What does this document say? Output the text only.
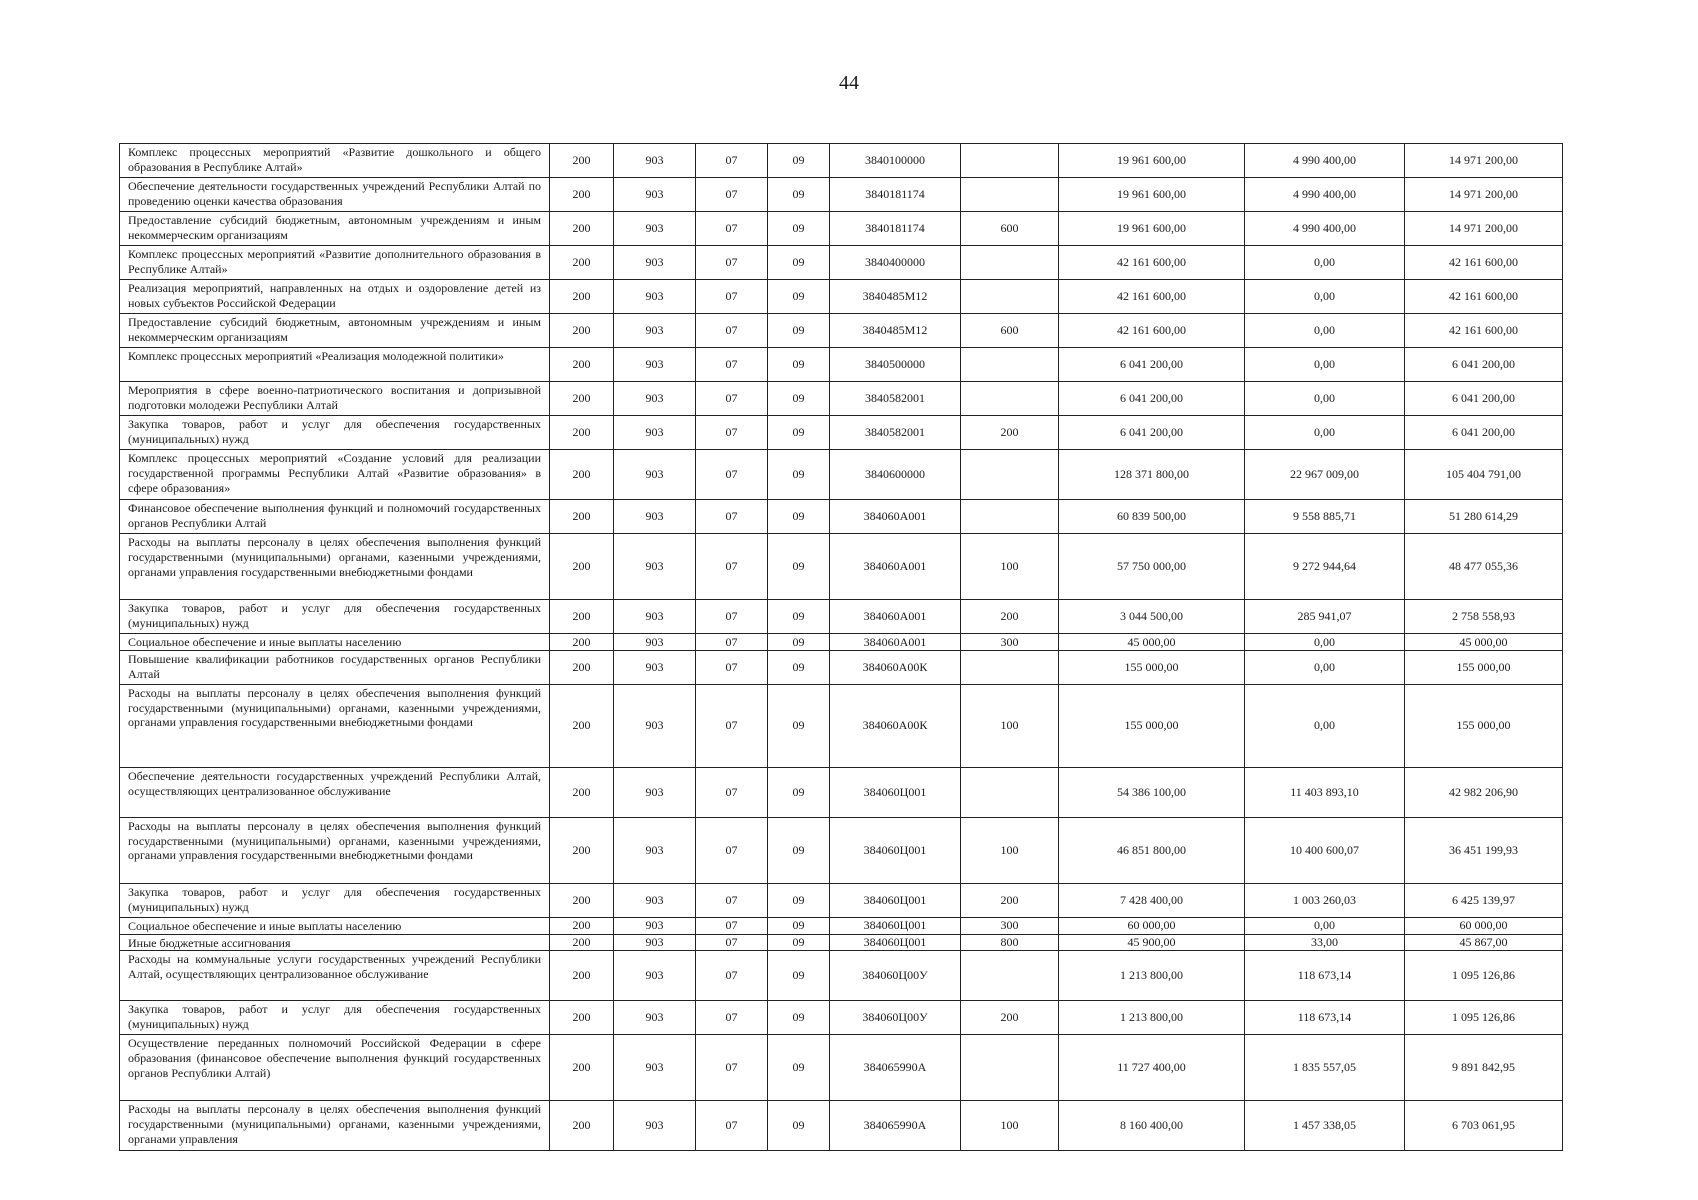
44
Комплекс процессных мероприятий «Развитие дошкольного и общего образования в Республике Алтай»	200	903	07	09	3840100000		19 961 600,00	4 990 400,00	14 971 200,00
Обеспечение деятельности государственных учреждений Республики Алтай по проведению оценки качества образования	200	903	07	09	3840181174		19 961 600,00	4 990 400,00	14 971 200,00
Предоставление субсидий бюджетным, автономным учреждениям и иным некоммерческим организациям	200	903	07	09	3840181174	600	19 961 600,00	4 990 400,00	14 971 200,00
Комплекс процессных мероприятий «Развитие дополнительного образования в Республике Алтай»	200	903	07	09	3840400000		42 161 600,00	0,00	42 161 600,00
Реализация мероприятий, направленных на отдых и оздоровление детей из новых субъектов Российской Федерации	200	903	07	09	3840485M12		42 161 600,00	0,00	42 161 600,00
Предоставление субсидий бюджетным, автономным учреждениям и иным некоммерческим организациям	200	903	07	09	3840485M12	600	42 161 600,00	0,00	42 161 600,00
Комплекс процессных мероприятий «Реализация молодежной политики»	200	903	07	09	3840500000		6 041 200,00	0,00	6 041 200,00
Мероприятия в сфере военно-патриотического воспитания и допризывной подготовки молодежи Республики Алтай	200	903	07	09	3840582001		6 041 200,00	0,00	6 041 200,00
Закупка товаров, работ и услуг для обеспечения государственных (муниципальных) нужд	200	903	07	09	3840582001	200	6 041 200,00	0,00	6 041 200,00
Комплекс процессных мероприятий «Создание условий для реализации государственной программы Республики Алтай «Развитие образования» в сфере образования»	200	903	07	09	3840600000		128 371 800,00	22 967 009,00	105 404 791,00
Финансовое обеспечение выполнения функций и полномочий государственных органов Республики Алтай	200	903	07	09	384060А001		60 839 500,00	9 558 885,71	51 280 614,29
Расходы на выплаты персоналу в целях обеспечения выполнения функций государственными (муниципальными) органами, казенными учреждениями, органами управления государственными внебюджетными фондами	200	903	07	09	384060А001	100	57 750 000,00	9 272 944,64	48 477 055,36
Закупка товаров, работ и услуг для обеспечения государственных (муниципальных) нужд	200	903	07	09	384060А001	200	3 044 500,00	285 941,07	2 758 558,93
Социальное обеспечение и иные выплаты населению	200	903	07	09	384060А001	300	45 000,00	0,00	45 000,00
Повышение квалификации работников государственных органов Республики Алтай	200	903	07	09	384060А00К		155 000,00	0,00	155 000,00
Расходы на выплаты персоналу в целях обеспечения выполнения функций государственными (муниципальными) органами, казенными учреждениями, органами управления государственными внебюджетными фондами	200	903	07	09	384060А00К	100	155 000,00	0,00	155 000,00
Обеспечение деятельности государственных учреждений Республики Алтай, осуществляющих централизованное обслуживание	200	903	07	09	384060Ц001		54 386 100,00	11 403 893,10	42 982 206,90
Расходы на выплаты персоналу в целях обеспечения выполнения функций государственными (муниципальными) органами, казенными учреждениями, органами управления государственными внебюджетными фондами	200	903	07	09	384060Ц001	100	46 851 800,00	10 400 600,07	36 451 199,93
Закупка товаров, работ и услуг для обеспечения государственных (муниципальных) нужд	200	903	07	09	384060Ц001	200	7 428 400,00	1 003 260,03	6 425 139,97
Социальное обеспечение и иные выплаты населению	200	903	07	09	384060Ц001	300	60 000,00	0,00	60 000,00
Иные бюджетные ассигнования	200	903	07	09	384060Ц001	800	45 900,00	33,00	45 867,00
Расходы на коммунальные услуги государственных учреждений Республики Алтай, осуществляющих централизованное обслуживание	200	903	07	09	384060Ц00У		1 213 800,00	118 673,14	1 095 126,86
Закупка товаров, работ и услуг для обеспечения государственных (муниципальных) нужд	200	903	07	09	384060Ц00У	200	1 213 800,00	118 673,14	1 095 126,86
Осуществление переданных полномочий Российской Федерации в сфере образования (финансовое обеспечение выполнения функций государственных органов Республики Алтай)	200	903	07	09	384065990А		11 727 400,00	1 835 557,05	9 891 842,95
Расходы на выплаты персоналу в целях обеспечения выполнения функций государственными (муниципальными) органами, казенными учреждениями, органами управления	200	903	07	09	384065990А	100	8 160 400,00	1 457 338,05	6 703 061,95
